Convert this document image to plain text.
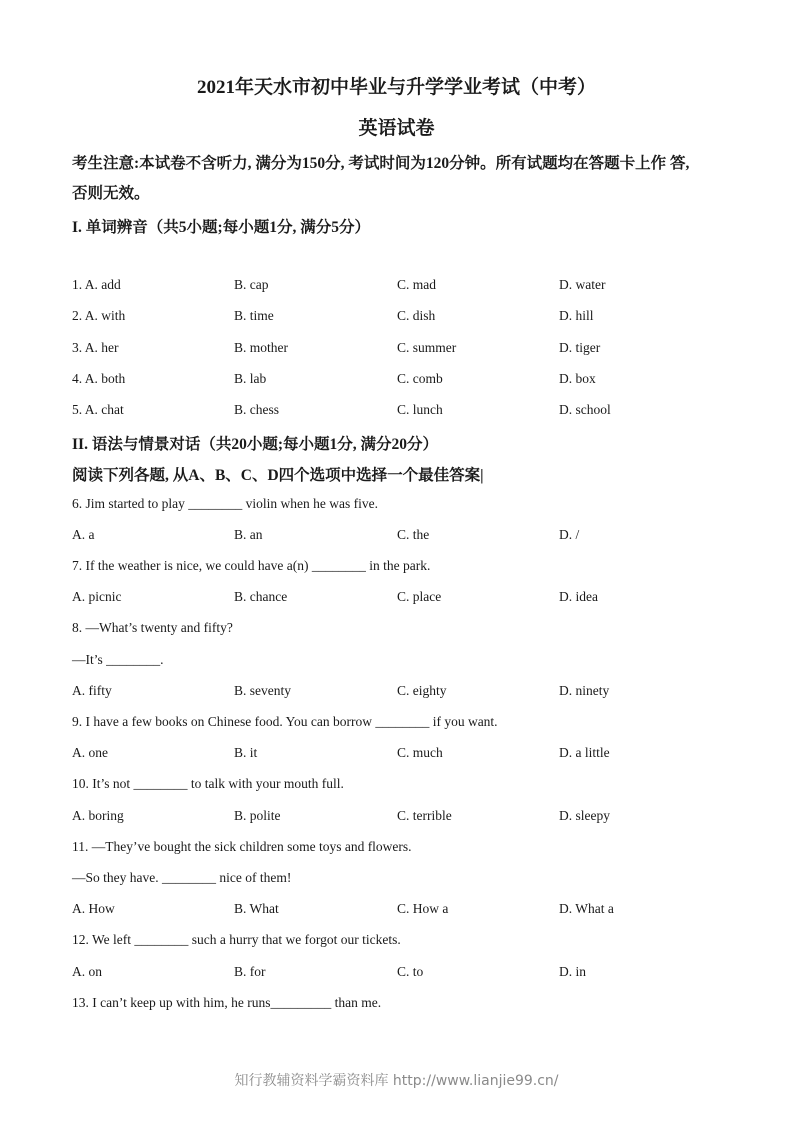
2021年天水市初中毕业与升学学业考试（中考）
英语试卷
考生注意:本试卷不含听力, 满分为150分, 考试时间为120分钟。所有试题均在答题卡上作 答,
否则无效。
I. 单词辨音（共5小题;每小题1分, 满分5分）
1. A. add	B. cap	C. mad	D. water
2. A. with	B. time	C. dish	D. hill
3. A. her	B. mother	C. summer	D. tiger
4. A. both	B. lab	C. comb	D. box
5. A. chat	B. chess	C. lunch	D. school
II. 语法与情景对话（共20小题;每小题1分, 满分20分）
阅读下列各题, 从A、B、C、D四个选项中选择一个最佳答案|
6. Jim started to play ________ violin when he was five.
A. a	B. an	C. the	D. /
7. If the weather is nice, we could have a(n) ________ in the park.
A. picnic	B. chance	C. place	D. idea
8. —What’s twenty and fifty?
—It’s ________.
A. fifty	B. seventy	C. eighty	D. ninety
9. I have a few books on Chinese food. You can borrow ________ if you want.
A. one	B. it	C. much	D. a little
10. It’s not ________ to talk with your mouth full.
A. boring	B. polite	C. terrible	D. sleepy
11. —They’ve bought the sick children some toys and flowers.
—So they have. ________ nice of them!
A. How	B. What	C. How a	D. What a
12. We left ________ such a hurry that we forgot our tickets.
A. on	B. for	C. to	D. in
13. I can’t keep up with him, he runs_________ than me.
知行教辅资料学霸资料库 http://www.lianjie99.cn/
